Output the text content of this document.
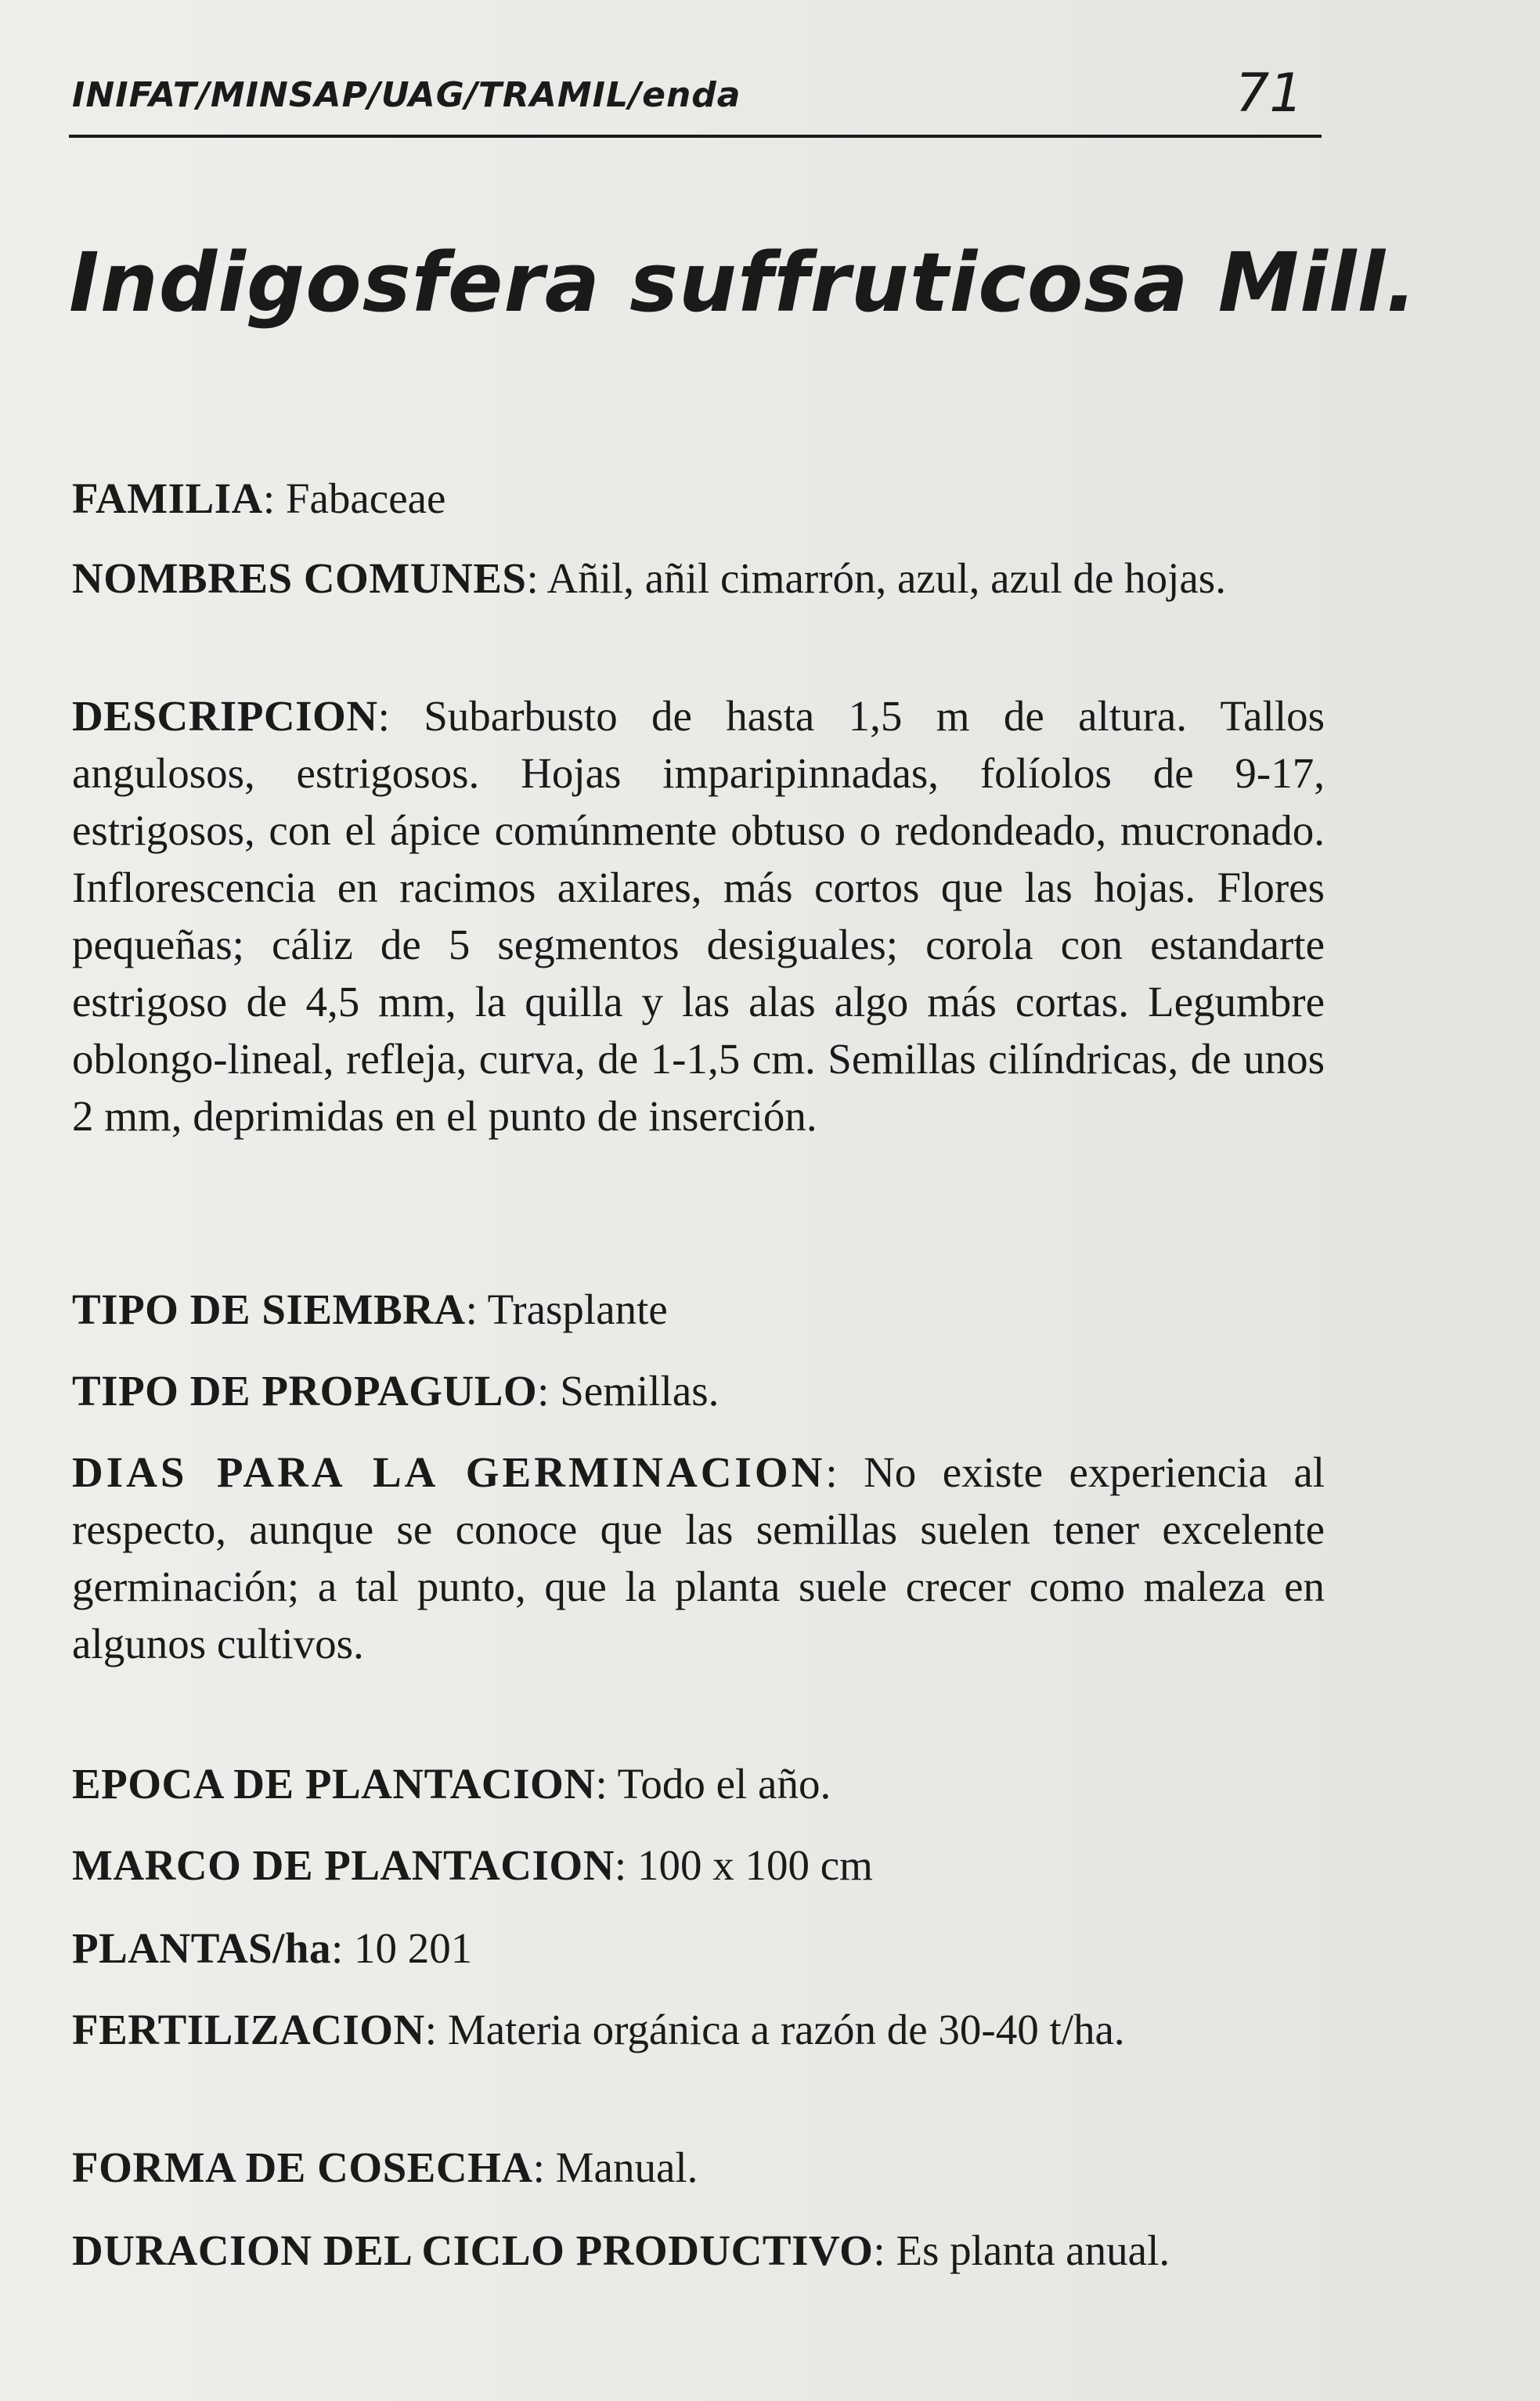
INIFAT/MINSAP/UAG/TRAMIL/enda	71
Indigosfera suffruticosa Mill.
FAMILIA: Fabaceae
NOMBRES COMUNES: Añil, añil cimarrón, azul, azul de hojas.
DESCRIPCION: Subarbusto de hasta 1,5 m de altura. Tallos angulosos, estrigosos. Hojas imparipinnadas, folíolos de 9-17, estrigosos, con el ápice comúnmente obtuso o redondeado, mucronado. Inflorescencia en racimos axilares, más cortos que las hojas. Flores pequeñas; cáliz de 5 segmentos desiguales; corola con estandarte estrigoso de 4,5 mm, la quilla y las alas algo más cortas. Legumbre oblongo-lineal, refleja, curva, de 1-1,5 cm. Semillas cilíndricas, de unos 2 mm, deprimidas en el punto de inserción.
TIPO DE SIEMBRA: Trasplante
TIPO DE PROPAGULO: Semillas.
DIAS PARA LA GERMINACION: No existe experiencia al respecto, aunque se conoce que las semillas suelen tener excelente germinación; a tal punto, que la planta suele crecer como maleza en algunos cultivos.
EPOCA DE PLANTACION: Todo el año.
MARCO DE PLANTACION: 100 x 100 cm
PLANTAS/ha: 10 201
FERTILIZACION: Materia orgánica a razón de 30-40 t/ha.
FORMA DE COSECHA: Manual.
DURACION DEL CICLO PRODUCTIVO: Es planta anual.
